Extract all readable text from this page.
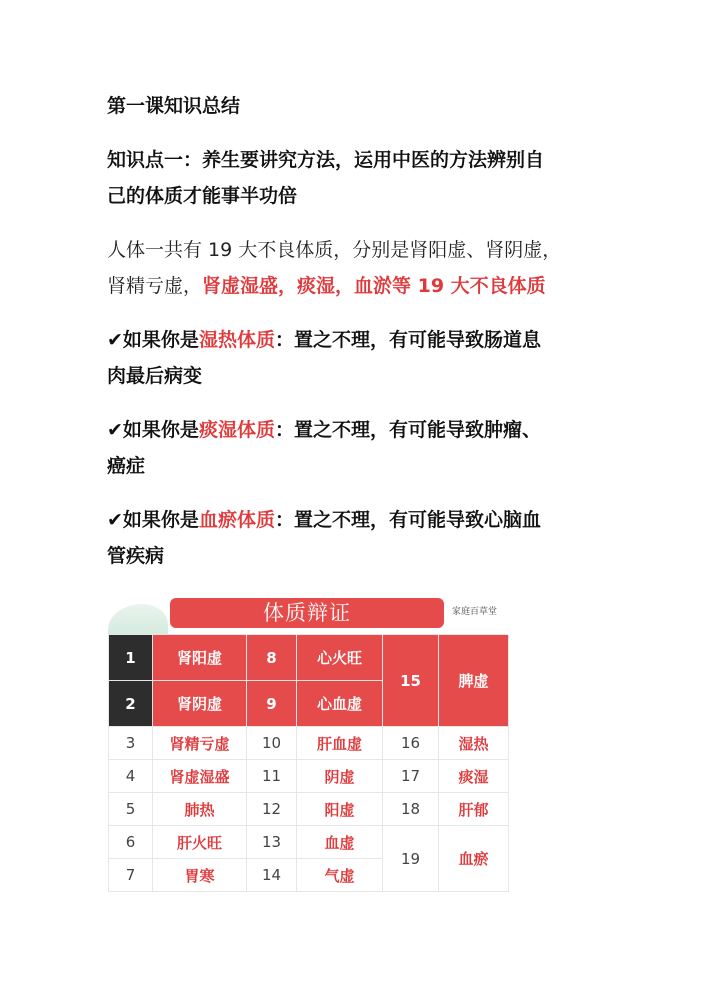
第一课知识总结

知识点一：养生要讲究方法，运用中医的方法辨别自
己的体质才能事半功倍

人体一共有 19 大不良体质，分别是肾阳虚、肾阴虚，
肾精亏虚，肾虚湿盛，痰湿，血淤等 19 大不良体质

✔如果你是湿热体质：置之不理，有可能导致肠道息
肉最后病变

✔如果你是痰湿体质：置之不理，有可能导致肿瘤、
癌症

✔如果你是血瘀体质：置之不理，有可能导致心脑血
管疾病

体质辩证	家庭百草堂
1	肾阳虚	8	心火旺	15	脾虚
2	肾阴虚	9	心血虚		
3	肾精亏虚	10	肝血虚	16	湿热
4	肾虚湿盛	11	阴虚	17	痰湿
5	肺热	12	阳虚	18	肝郁
6	肝火旺	13	血虚	19	血瘀
7	胃寒	14	气虚		
